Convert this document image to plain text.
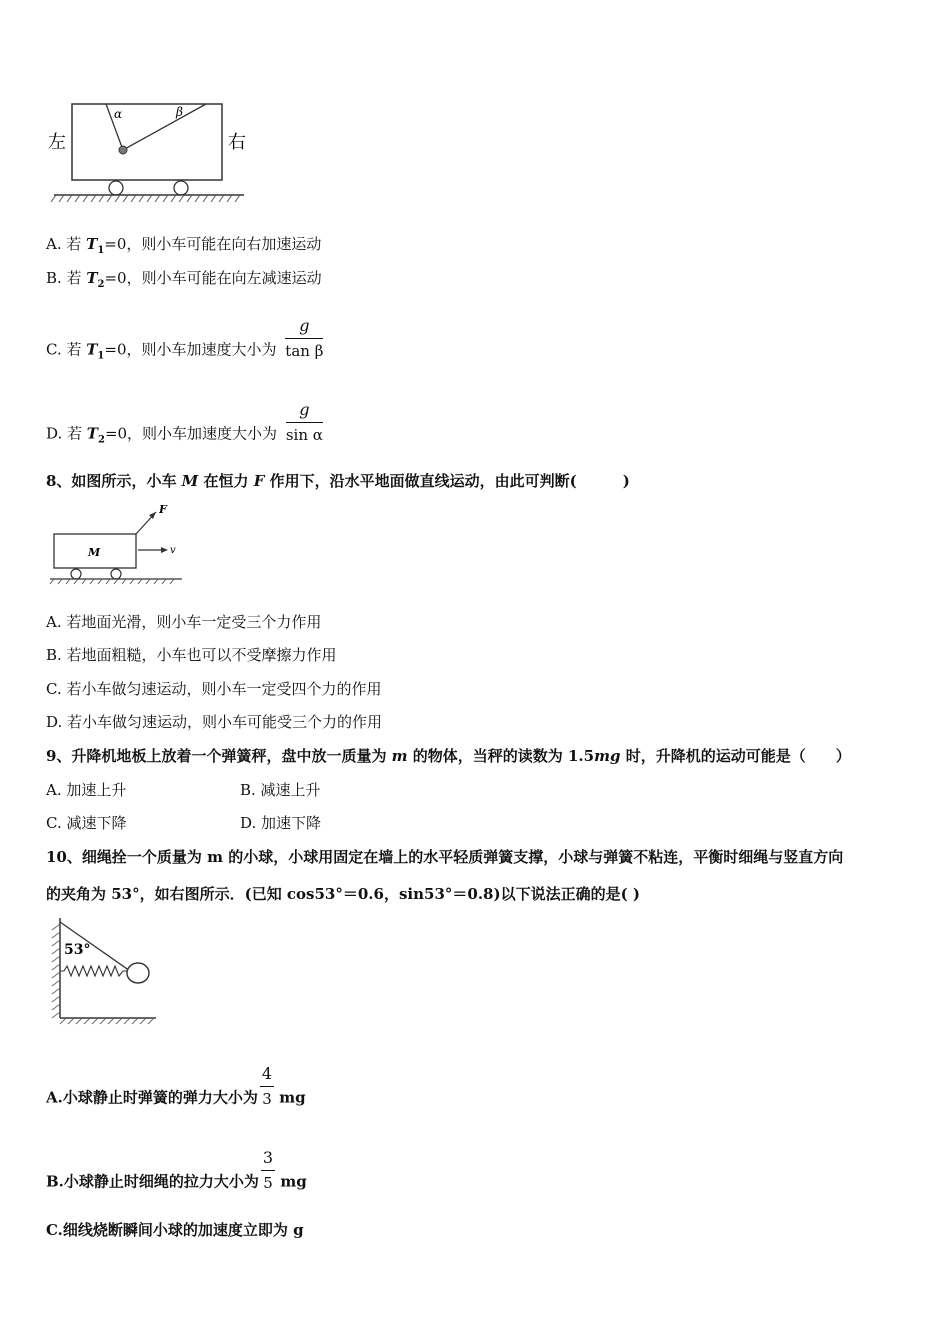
α	β
左	右
A. 若 $T_1=0$，则小车可能在向右加速运动
B. 若 $T_2=0$，则小车可能在向左减速运动
C. 若 $T_1=0$，则小车加速度大小为 $\frac{g}{\text{tan β}}$
D. 若 $T_2=0$，则小车加速度大小为 $\frac{g}{\text{sin α}}$
8、如图所示，小车 M 在恒力 F 作用下，沿水平地面做直线运动，由此可判断(	)
M
F
v
A. 若地面光滑，则小车一定受三个力作用
B. 若地面粗糙，小车也可以不受摩擦力作用
C. 若小车做匀速运动，则小车一定受四个力的作用
D. 若小车做匀速运动，则小车可能受三个力的作用
9、升降机地板上放着一个弹簧秤，盘中放一质量为 m 的物体，当秤的读数为 1.5mg 时，升降机的运动可能是（ ）
A. 加速上升	B. 减速上升
C. 减速下降	D. 加速下降
10、细绳拴一个质量为 m 的小球，小球用固定在墙上的水平轻质弹簧支撑，小球与弹簧不粘连，平衡时细绳与竖直方向
的夹角为 53°，如右图所示．(已知 cos53°＝0.6，sin53°＝0.8)以下说法正确的是( )
53°
A.小球静止时弹簧的弹力大小为 $\frac{4}{3}$ mg
B.小球静止时细绳的拉力大小为 $\frac{3}{5}$ mg
C.细线烧断瞬间小球的加速度立即为 g
